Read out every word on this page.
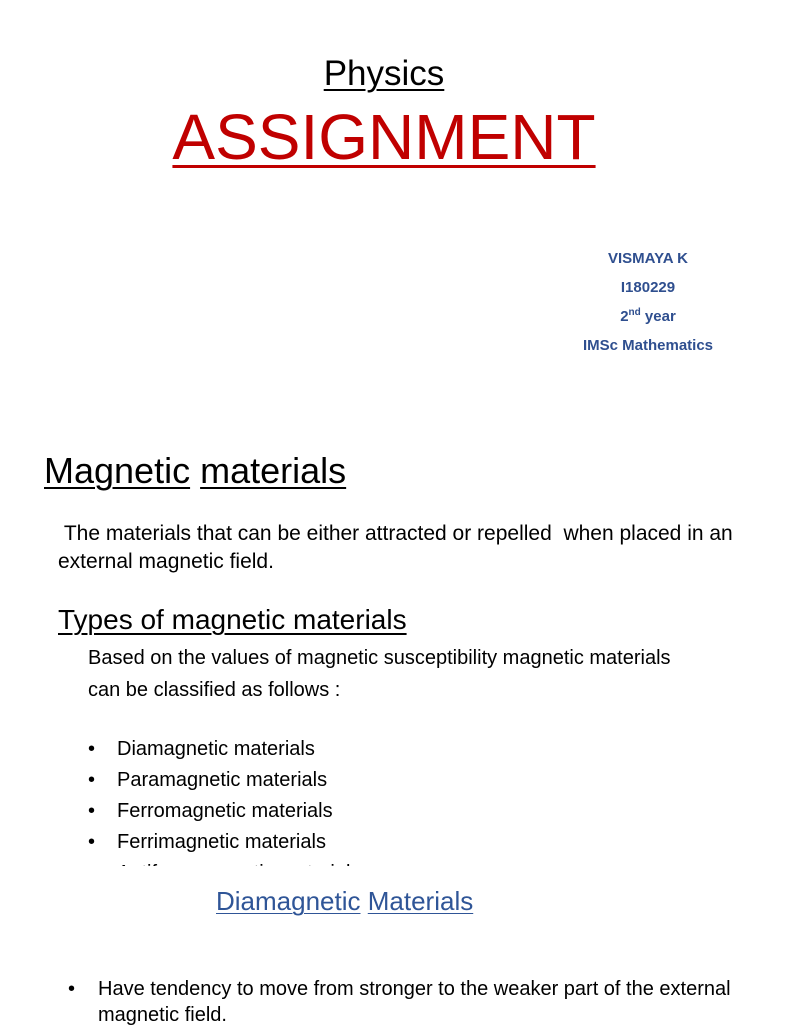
Physics
ASSIGNMENT
VISMAYA K
I180229
2nd year
IMSc Mathematics
Magnetic materials
The materials that can be either attracted or repelled  when placed in an external magnetic field.
Types of magnetic materials
Based on the values of magnetic susceptibility magnetic materials
can be classified as follows :
• Diamagnetic materials
• Paramagnetic materials
• Ferromagnetic materials
• Ferrimagnetic materials
•
Diamagnetic Materials
• Have tendency to move from stronger to the weaker part of the external magnetic field.
